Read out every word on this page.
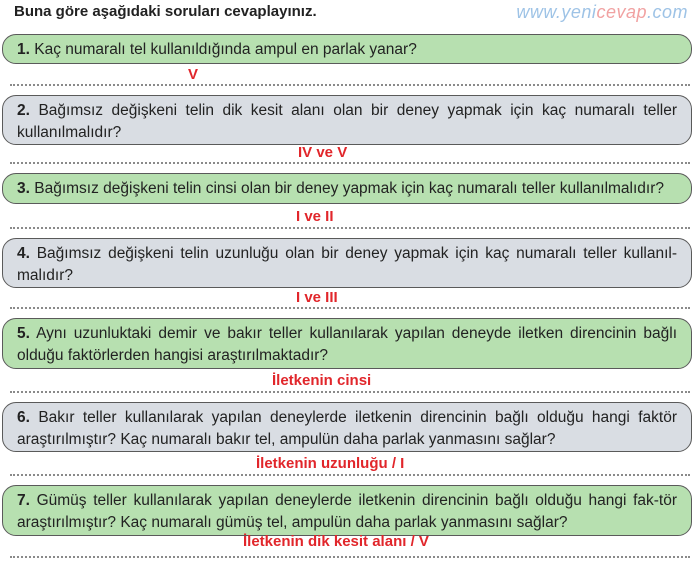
Buna göre aşağıdaki soruları cevaplayınız.	www.yenicevap.com
1. Kaç numaralı tel kullanıldığında ampul en parlak yanar?
V
2. Bağımsız değişkeni telin dik kesit alanı olan bir deney yapmak için kaç numaralı teller kullanılmalıdır?
IV ve V
3. Bağımsız değişkeni telin cinsi olan bir deney yapmak için kaç numaralı teller kullanılmalıdır?
I ve II
4. Bağımsız değişkeni telin uzunluğu olan bir deney yapmak için kaç numaralı teller kullanıl-malıdır?
I ve III
5. Aynı uzunluktaki demir ve bakır teller kullanılarak yapılan deneyde iletken direncinin bağlı olduğu faktörlerden hangisi araştırılmaktadır?
İletkenin cinsi
6. Bakır teller kullanılarak yapılan deneylerde iletkenin direncinin bağlı olduğu hangi faktör araştırılmıştır? Kaç numaralı bakır tel, ampulün daha parlak yanmasını sağlar?
İletkenin uzunluğu / I
7. Gümüş teller kullanılarak yapılan deneylerde iletkenin direncinin bağlı olduğu hangi fak-tör araştırılmıştır? Kaç numaralı gümüş tel, ampulün daha parlak yanmasını sağlar?
İletkenin dik kesit alanı / V
